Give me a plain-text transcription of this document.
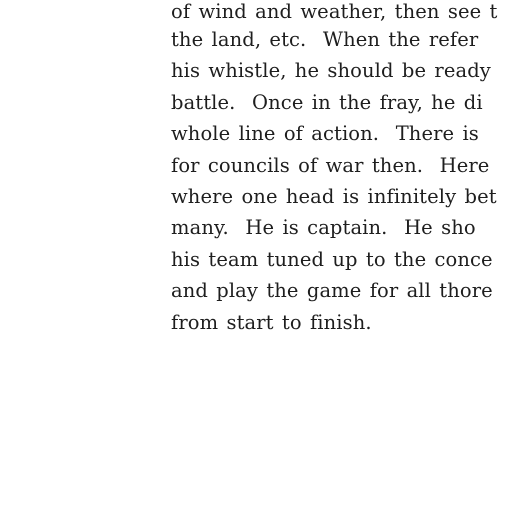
of wind and weather, then see t
the land, etc.  When the refer
his whistle, he should be ready
battle.  Once in the fray, he di
whole line of action.  There is
for councils of war then.  Here
where one head is infinitely bet
many.  He is captain.  He sho
his team tuned up to the conce
and play the game for all thore
from start to finish.
